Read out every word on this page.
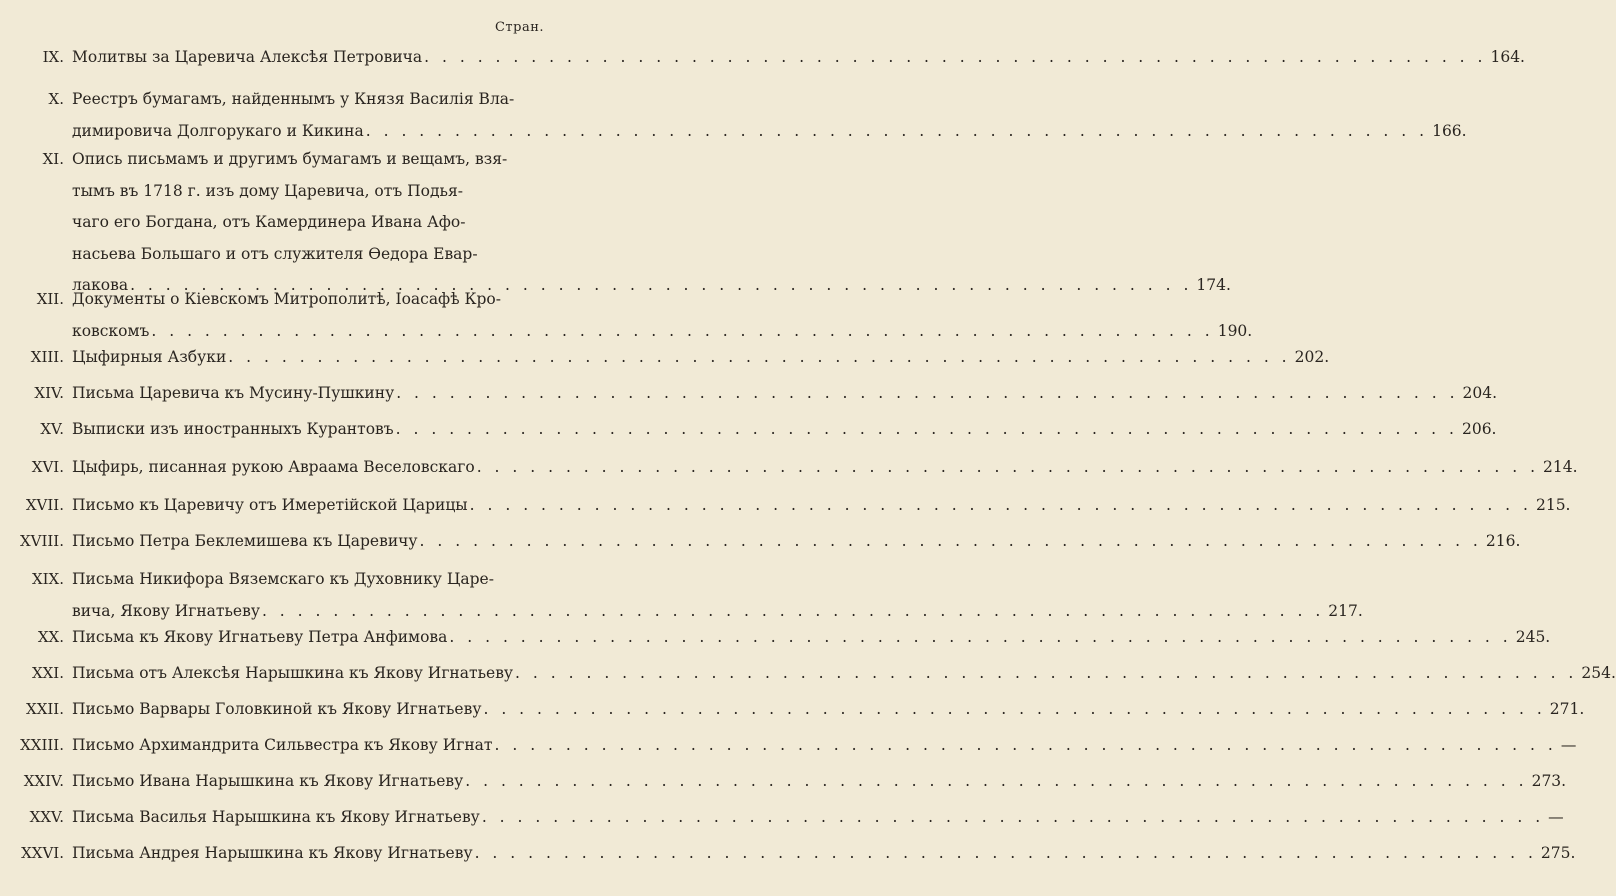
Стран.
IX. Молитвы за Царевича Алексѣя Петровича . . . . . . . . . . . . . . . . . . . . . . . . . . . . . . . . . . . . . . . . . . . . . . . . . . . . . . . . . . . . 164.
X. Реестръ бумагамъ, найденнымъ у Князя Василія Вла-
димировича Долгорукаго и Кикина . . . . . . . . . . . . . . . . . . . . . . . . . . . . . . . . . . . . . . . . . . . . . . . . . . . . . . . . . . . . 166.
XI. Опись письмамъ и другимъ бумагамъ и вещамъ, взя-
тымъ въ 1718 г. изъ дому Царевича, отъ Подья-
чаго его Богдана, отъ Камердинера Ивана Афо-
насьева Большаго и отъ служителя Ѳедора Евар-
лакова . . . . . . . . . . . . . . . . . . . . . . . . . . . . . . . . . . . . . . . . . . . . . . . . . . . . . . . . . . . . 174.
XII. Документы о Кіевскомъ Митрополитѣ, Іоасафѣ Кро-
ковскомъ . . . . . . . . . . . . . . . . . . . . . . . . . . . . . . . . . . . . . . . . . . . . . . . . . . . . . . . . . . . . 190.
XIII. Цыфирныя Азбуки . . . . . . . . . . . . . . . . . . . . . . . . . . . . . . . . . . . . . . . . . . . . . . . . . . . . . . . . . . . . 202.
XIV. Письма Царевича къ Мусину-Пушкину . . . . . . . . . . . . . . . . . . . . . . . . . . . . . . . . . . . . . . . . . . . . . . . . . . . . . . . . . . . . 204.
XV. Выписки изъ иностранныхъ Курантовъ . . . . . . . . . . . . . . . . . . . . . . . . . . . . . . . . . . . . . . . . . . . . . . . . . . . . . . . . . . . . 206.
XVI. Цыфирь, писанная рукою Авраама Веселовскаго . . . . . . . . . . . . . . . . . . . . . . . . . . . . . . . . . . . . . . . . . . . . . . . . . . . . . . . . . . . . 214.
XVII. Письмо къ Царевичу отъ Имеретійской Царицы . . . . . . . . . . . . . . . . . . . . . . . . . . . . . . . . . . . . . . . . . . . . . . . . . . . . . . . . . . . . 215.
XVIII. Письмо Петра Беклемишева къ Царевичу . . . . . . . . . . . . . . . . . . . . . . . . . . . . . . . . . . . . . . . . . . . . . . . . . . . . . . . . . . . . 216.
XIX. Письма Никифора Вяземскаго къ Духовнику Царе-
вича, Якову Игнатьеву . . . . . . . . . . . . . . . . . . . . . . . . . . . . . . . . . . . . . . . . . . . . . . . . . . . . . . . . . . . . 217.
XX. Письма къ Якову Игнатьеву Петра Анфимова . . . . . . . . . . . . . . . . . . . . . . . . . . . . . . . . . . . . . . . . . . . . . . . . . . . . . . . . . . . . 245.
XXI. Письма отъ Алексѣя Нарышкина къ Якову Игнатьеву . . . . . . . . . . . . . . . . . . . . . . . . . . . . . . . . . . . . . . . . . . . . . . . . . . . . . . . . . . . . 254.
XXII. Письмо Варвары Головкиной къ Якову Игнатьеву . . . . . . . . . . . . . . . . . . . . . . . . . . . . . . . . . . . . . . . . . . . . . . . . . . . . . . . . . . . . 271.
XXIII. Письмо Архимандрита Сильвестра къ Якову Игнат . . . . . . . . . . . . . . . . . . . . . . . . . . . . . . . . . . . . . . . . . . . . . . . . . . . . . . . . . . . . —
XXIV. Письмо Ивана Нарышкина къ Якову Игнатьеву . . . . . . . . . . . . . . . . . . . . . . . . . . . . . . . . . . . . . . . . . . . . . . . . . . . . . . . . . . . . 273.
XXV. Письма Василья Нарышкина къ Якову Игнатьеву . . . . . . . . . . . . . . . . . . . . . . . . . . . . . . . . . . . . . . . . . . . . . . . . . . . . . . . . . . . . —
XXVI. Письма Андрея Нарышкина къ Якову Игнатьеву . . . . . . . . . . . . . . . . . . . . . . . . . . . . . . . . . . . . . . . . . . . . . . . . . . . . . . . . . . . . 275.
